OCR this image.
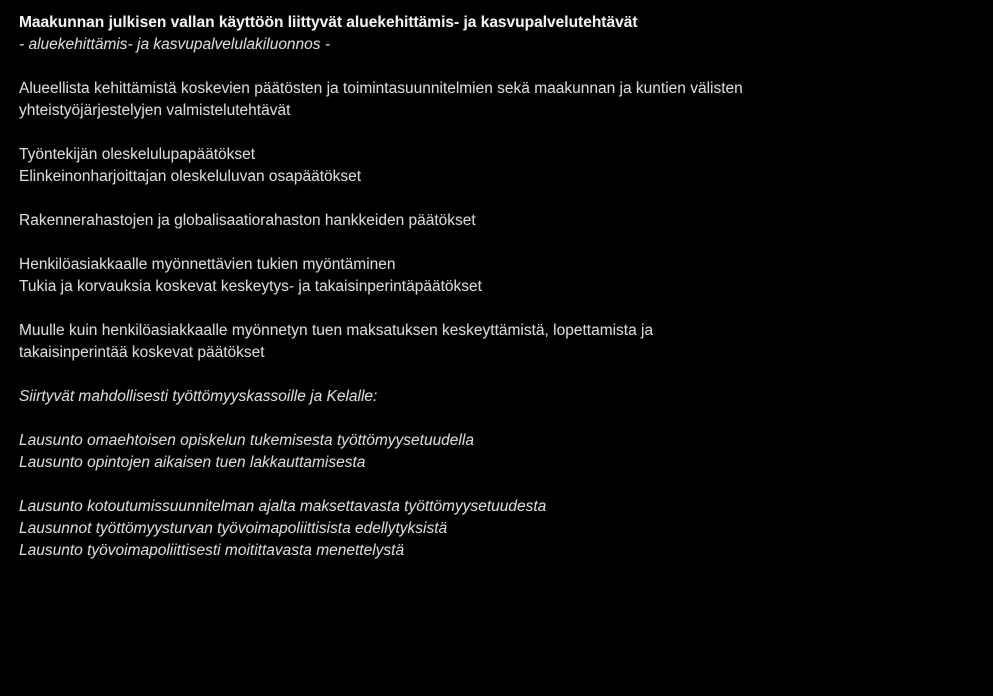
Maakunnan julkisen vallan käyttöön liittyvät aluekehittämis- ja kasvupalvelutehtävät
- aluekehittämis- ja kasvupalvelulakiluonnos -
Alueellista kehittämistä koskevien päätösten ja toimintasuunnitelmien sekä maakunnan ja kuntien välisten
yhteistyöjärjestelyjen valmistelutehtävät
Työntekijän oleskelulupapäätökset
Elinkeinonharjoittajan oleskeluluvan osapäätökset
Rakennerahastojen ja globalisaatiorahaston hankkeiden päätökset
Henkilöasiakkaalle myönnettävien tukien myöntäminen
Tukia ja korvauksia koskevat keskeytys- ja takaisinperintäpäätökset
Muulle kuin henkilöasiakkaalle myönnetyn tuen maksatuksen keskeyttämistä, lopettamista ja
takaisinperintää koskevat päätökset
Siirtyvät mahdollisesti työttömyyskassoille ja Kelalle:
Lausunto omaehtoisen opiskelun tukemisesta työttömyysetuudella
Lausunto opintojen aikaisen tuen lakkauttamisesta
Lausunto kotoutumissuunnitelman ajalta maksettavasta työttömyysetuudesta
Lausunnot työttömyysturvan työvoimapoliittisista edellytyksistä
Lausunto työvoimapoliittisesti moitittavasta menettelystä
